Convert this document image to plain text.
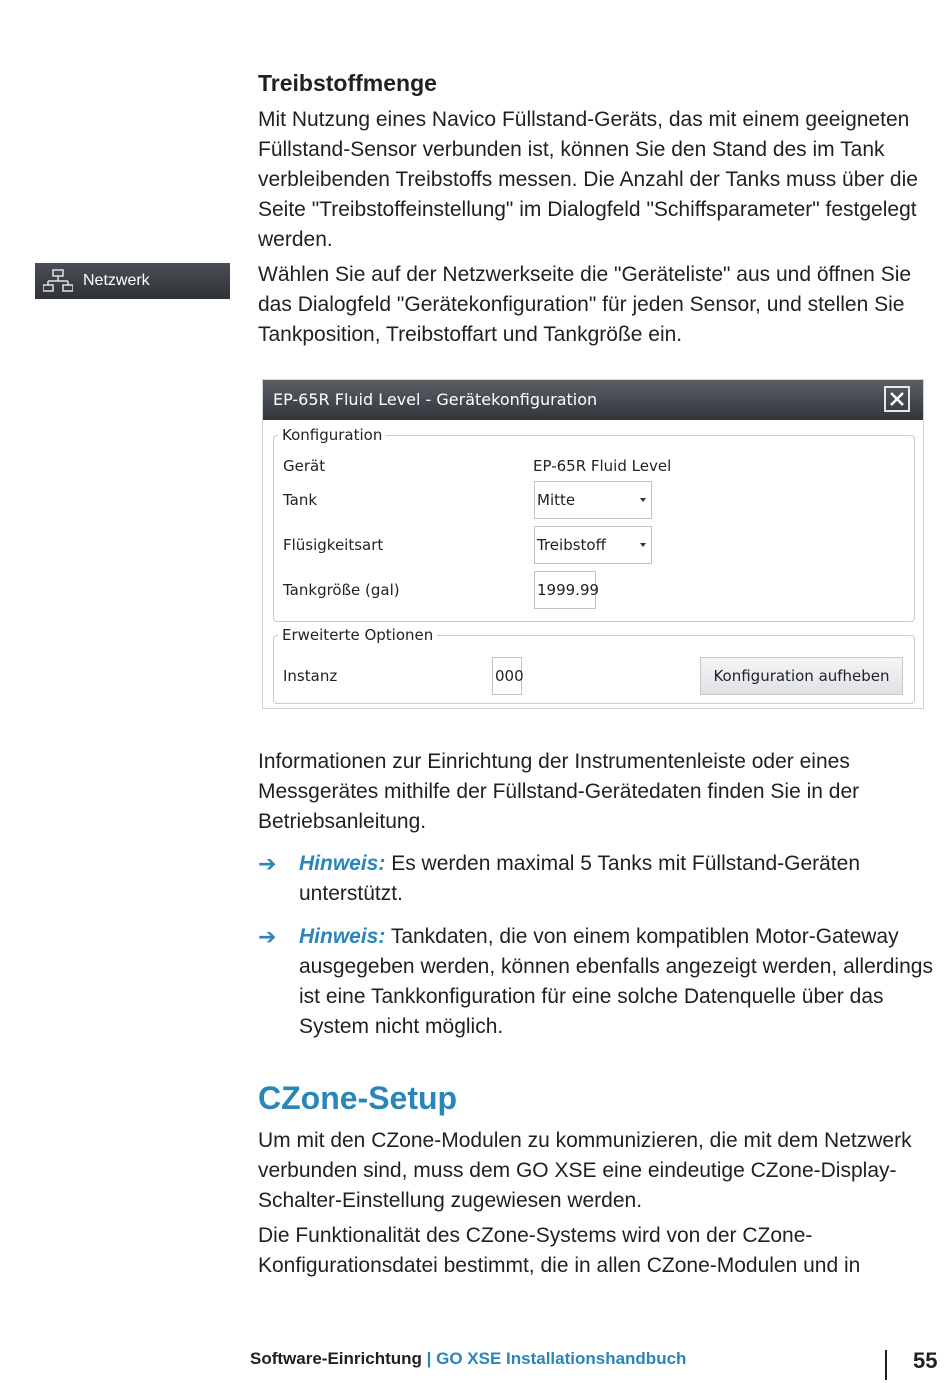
Treibstoffmenge

Mit Nutzung eines Navico Füllstand-Geräts, das mit einem geeigneten Füllstand-Sensor verbunden ist, können Sie den Stand des im Tank verbleibenden Treibstoffs messen. Die Anzahl der Tanks muss über die Seite "Treibstoffeinstellung" im Dialogfeld "Schiffsparameter" festgelegt werden.

Netzwerk	Wählen Sie auf der Netzwerkseite die "Geräteliste" aus und öffnen Sie das Dialogfeld "Gerätekonfiguration" für jeden Sensor, und stellen Sie Tankposition, Treibstoffart und Tankgröße ein.

EP-65R Fluid Level - Gerätekonfiguration
Konfiguration
Gerät	EP-65R Fluid Level
Tank	Mitte
Flüsigkeitsart	Treibstoff
Tankgröße (gal)	1999.99
Erweiterte Optionen
Instanz	000	Konfiguration aufheben

Informationen zur Einrichtung der Instrumentenleiste oder eines Messgerätes mithilfe der Füllstand-Gerätedaten finden Sie in der Betriebsanleitung.

➔ Hinweis: Es werden maximal 5 Tanks mit Füllstand-Geräten unterstützt.
➔ Hinweis: Tankdaten, die von einem kompatiblen Motor-Gateway ausgegeben werden, können ebenfalls angezeigt werden, allerdings ist eine Tankkonfiguration für eine solche Datenquelle über das System nicht möglich.
CZone-Setup

Um mit den CZone-Modulen zu kommunizieren, die mit dem Netzwerk verbunden sind, muss dem GO XSE eine eindeutige CZone-Display-Schalter-Einstellung zugewiesen werden.

Die Funktionalität des CZone-Systems wird von der CZone-Konfigurationsdatei bestimmt, die in allen CZone-Modulen und in

Software-Einrichtung | GO XSE Installationshandbuch	55
